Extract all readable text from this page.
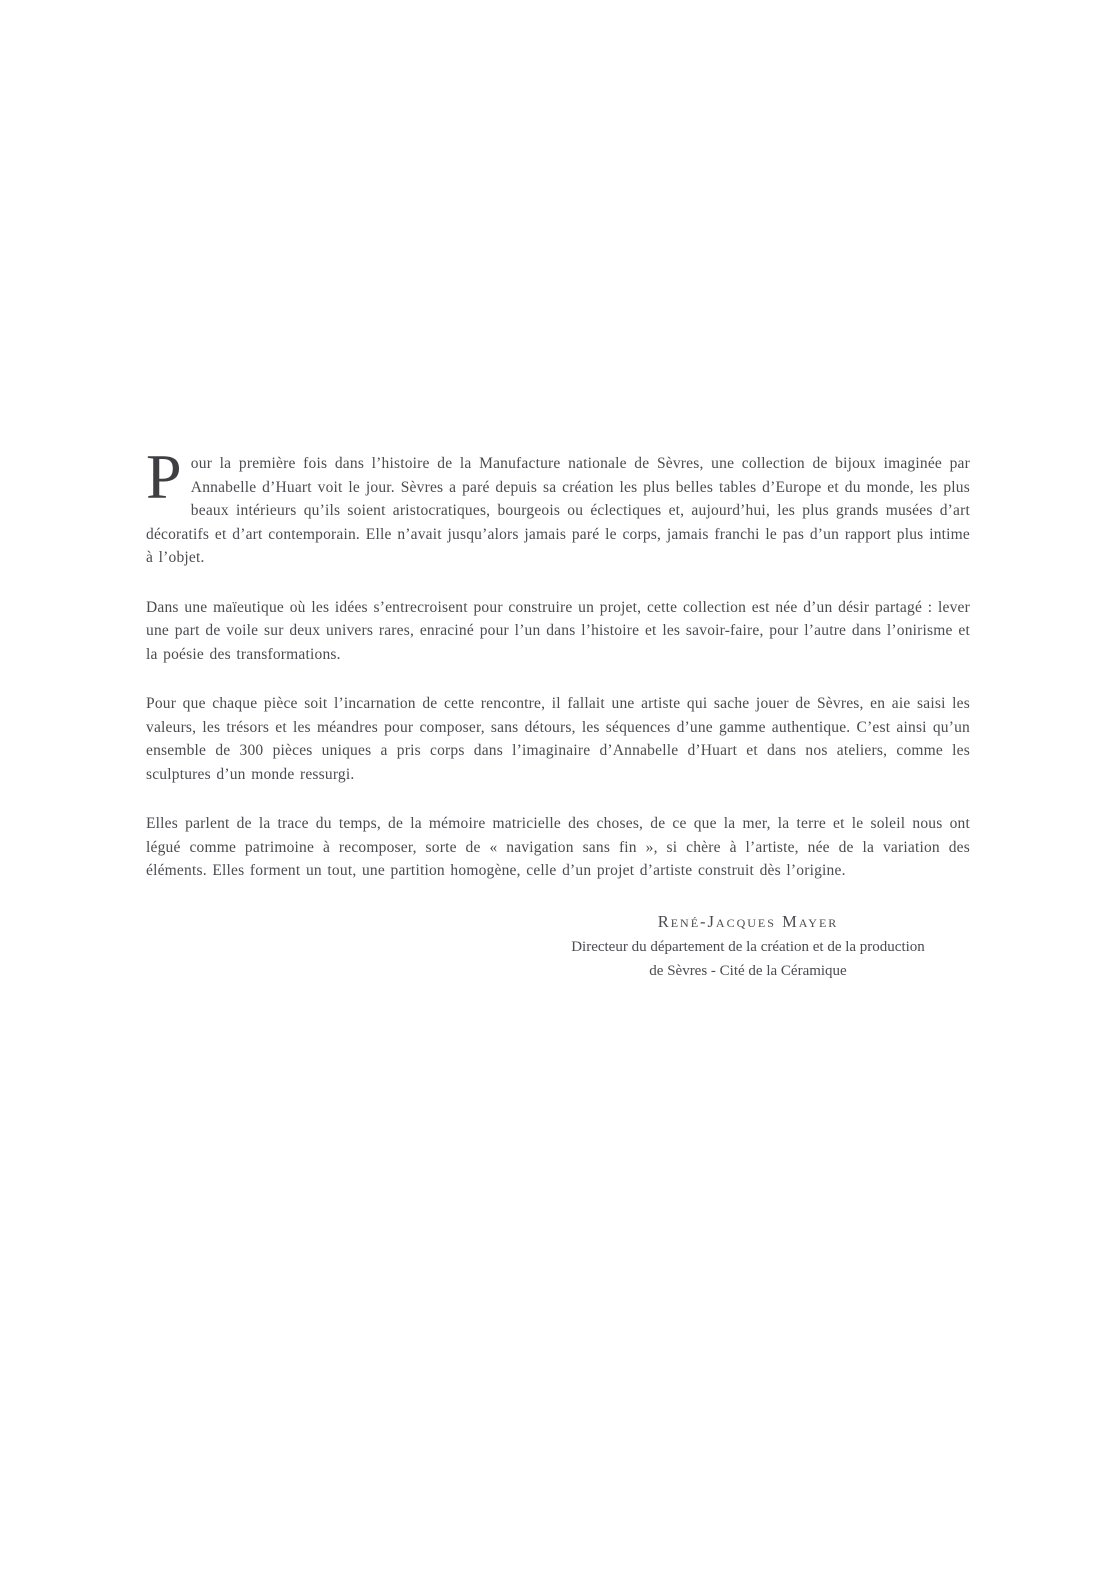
Pour la première fois dans l’histoire de la Manufacture nationale de Sèvres, une collection de bijoux imaginée par Annabelle d’Huart voit le jour. Sèvres a paré depuis sa création les plus belles tables d’Europe et du monde, les plus beaux intérieurs qu’ils soient aristocratiques, bourgeois ou éclectiques et, aujourd’hui, les plus grands musées d’art décoratifs et d’art contemporain. Elle n’avait jusqu’alors jamais paré le corps, jamais franchi le pas d’un rapport plus intime à l’objet.

Dans une maïeutique où les idées s’entrecroisent pour construire un projet, cette collection est née d’un désir partagé : lever une part de voile sur deux univers rares, enraciné pour l’un dans l’histoire et les savoir-faire, pour l’autre dans l’onirisme et la poésie des transformations.

Pour que chaque pièce soit l’incarnation de cette rencontre, il fallait une artiste qui sache jouer de Sèvres, en aie saisi les valeurs, les trésors et les méandres pour composer, sans détours, les séquences d’une gamme authentique. C’est ainsi qu’un ensemble de 300 pièces uniques a pris corps dans l’imaginaire d’Annabelle d’Huart et dans nos ateliers, comme les sculptures d’un monde ressurgi.

Elles parlent de la trace du temps, de la mémoire matricielle des choses, de ce que la mer, la terre et le soleil nous ont légué comme patrimoine à recomposer, sorte de « navigation sans fin », si chère à l’artiste, née de la variation des éléments. Elles forment un tout, une partition homogène, celle d’un projet d’artiste construit dès l’origine.

René-Jacques Mayer
Directeur du département de la création et de la production
de Sèvres - Cité de la Céramique
